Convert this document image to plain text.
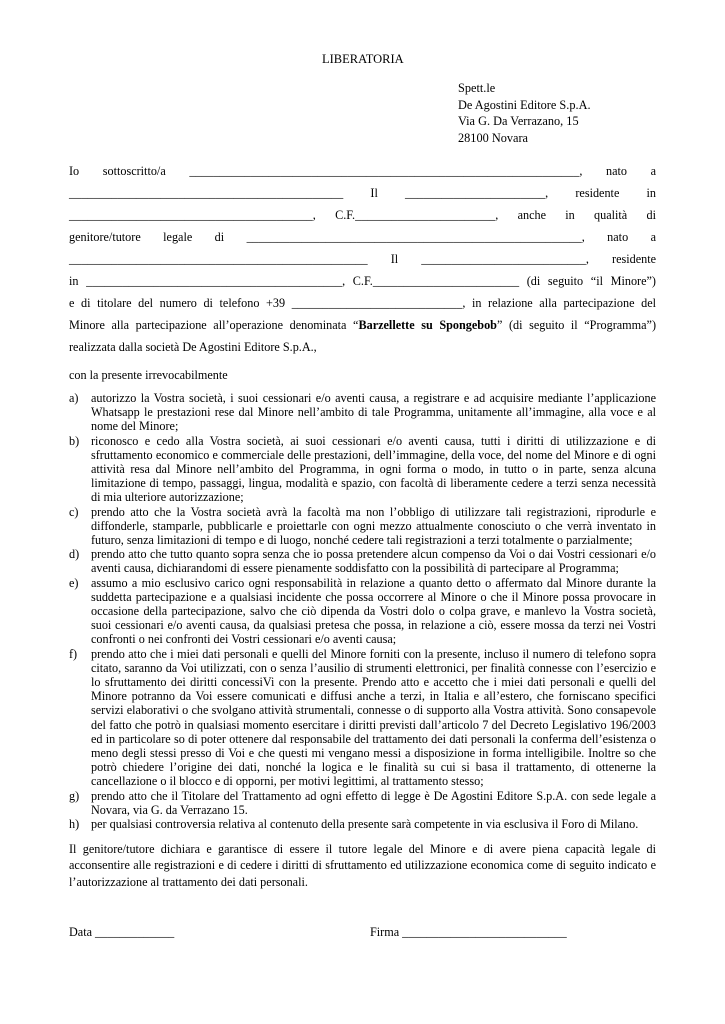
LIBERATORIA
Spett.le
De Agostini Editore S.p.A.
Via G. Da Verrazano, 15
28100 Novara
Io sottoscritto/a ________________________________________________________________, nato a
_____________________________________________ Il _______________________, residente in
________________________________________, C.F._______________________, anche in qualità di
genitore/tutore legale di _______________________________________________________, nato a
_________________________________________________ Il ___________________________, residente
in __________________________________________, C.F.________________________ (di seguito “il Minore”)
e di titolare del numero di telefono +39 ____________________________, in relazione alla partecipazione del
Minore alla partecipazione all’operazione denominata “Barzellette su Spongebob” (di seguito il “Programma”)
realizzata dalla società De Agostini Editore S.p.A.,
con la presente irrevocabilmente
a) autorizzo la Vostra società, i suoi cessionari e/o aventi causa, a registrare e ad acquisire mediante l’applicazione Whatsapp le prestazioni rese dal Minore nell’ambito di tale Programma, unitamente all’immagine, alla voce e al nome del Minore;
b) riconosco e cedo alla Vostra società, ai suoi cessionari e/o aventi causa, tutti i diritti di utilizzazione e di sfruttamento economico e commerciale delle prestazioni, dell’immagine, della voce, del nome del Minore e di ogni attività resa dal Minore nell’ambito del Programma, in ogni forma o modo, in tutto o in parte, senza alcuna limitazione di tempo, passaggi, lingua, modalità e spazio, con facoltà di liberamente cedere a terzi senza necessità di mia ulteriore autorizzazione;
c) prendo atto che la Vostra società avrà la facoltà ma non l’obbligo di utilizzare tali registrazioni, riprodurle e diffonderle, stamparle, pubblicarle e proiettarle con ogni mezzo attualmente conosciuto o che verrà inventato in futuro, senza limitazioni di tempo e di luogo, nonché cedere tali registrazioni a terzi totalmente o parzialmente;
d) prendo atto che tutto quanto sopra senza che io possa pretendere alcun compenso da Voi o dai Vostri cessionari e/o aventi causa, dichiarandomi di essere pienamente soddisfatto con la possibilità di partecipare al Programma;
e) assumo a mio esclusivo carico ogni responsabilità in relazione a quanto detto o affermato dal Minore durante la suddetta partecipazione e a qualsiasi incidente che possa occorrere al Minore o che il Minore possa provocare in occasione della partecipazione, salvo che ciò dipenda da Vostri dolo o colpa grave, e manlevo la Vostra società, suoi cessionari e/o aventi causa, da qualsiasi pretesa che possa, in relazione a ciò, essere mossa da terzi nei Vostri confronti o nei confronti dei Vostri cessionari e/o aventi causa;
f) prendo atto che i miei dati personali e quelli del Minore forniti con la presente, incluso il numero di telefono sopra citato, saranno da Voi utilizzati, con o senza l’ausilio di strumenti elettronici, per finalità connesse con l’esercizio e lo sfruttamento dei diritti concessiVi con la presente. Prendo atto e accetto che i miei dati personali e quelli del Minore potranno da Voi essere comunicati e diffusi anche a terzi, in Italia e all’estero, che forniscano specifici servizi elaborativi o che svolgano attività strumentali, connesse o di supporto alla Vostra attività. Sono consapevole del fatto che potrò in qualsiasi momento esercitare i diritti previsti dall’articolo 7 del Decreto Legislativo 196/2003 ed in particolare so di poter ottenere dal responsabile del trattamento dei dati personali la conferma dell’esistenza o meno degli stessi presso di Voi e che questi mi vengano messi a disposizione in forma intelligibile. Inoltre so che potrò chiedere l’origine dei dati, nonché la logica e le finalità su cui si basa il trattamento, di ottenerne la cancellazione o il blocco e di opporni, per motivi legittimi, al trattamento stesso;
g) prendo atto che il Titolare del Trattamento ad ogni effetto di legge è De Agostini Editore S.p.A. con sede legale a Novara, via G. da Verrazano 15.
h) per qualsiasi controversia relativa al contenuto della presente sarà competente in via esclusiva il Foro di Milano.
Il genitore/tutore dichiara e garantisce di essere il tutore legale del Minore e di avere piena capacità legale di acconsentire alle registrazioni e di cedere i diritti di sfruttamento ed utilizzazione economica come di seguito indicato e l’autorizzazione al trattamento dei dati personali.
Data _____________	Firma ___________________________
